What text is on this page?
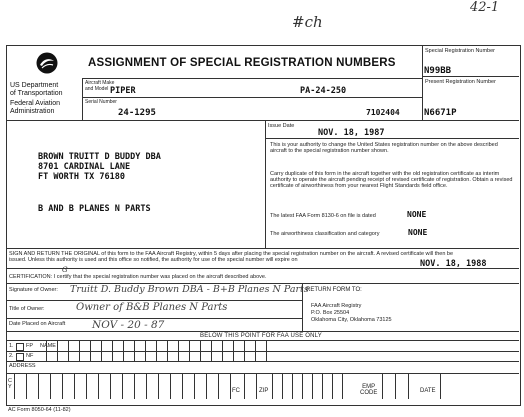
42-1
#ch
ASSIGNMENT OF SPECIAL REGISTRATION NUMBERS
US Department
of Transportation
Federal Aviation
Administration
Special Registration Number
N99BB
Present Registration Number
N6671P
Aircraft Make
and Model PIPER	PA-24-250
Serial Number
24-1295	7102404
Issue Date
NOV. 18, 1987
BROWN TRUITT D BUDDY DBA
8701 CARDINAL LANE
FT WORTH TX 76180
B AND B PLANES N PARTS
This is your authority to change the United States registration number on the above described aircraft to the special registration number shown.
Carry duplicate of this form in the aircraft together with the old registration certificate as interim authority to operate the aircraft pending receipt of revised certificate of registration. Obtain a revised certificate of airworthiness from your nearest Flight Standards field office.
The latest FAA Form 8130-6 on file is dated	NONE
The airworthiness classification and category	NONE
SIGN AND RETURN THE ORIGINAL of this form to the FAA Aircraft Registry, within 5 days after placing the special registration number on the aircraft. A revised certificate will then be issued. Unless this authority is used and this office so notified, the authority for use of the special number will expire on	NOV. 18, 1988
G
CERTIFICATION: I certify that the special registration number was placed on the aircraft described above.
Signature of Owner: Truitt D. Buddy Brown DBA - B+B Planes N Parts
Title of Owner:	Owner of B&B Planes N Parts
Date Placed on Aircraft	NOV - 20 - 87
RETURN FORM TO:
FAA Aircraft Registry
P.O. Box 25504
Oklahoma City, Oklahoma 73125
BELOW THIS POINT FOR FAA USE ONLY
1. FP NAME
2. NF
ADDRESS
C
Y
FC	ZIP
EMP
CODE	DATE
AC Form 8050-64 (11-82)
